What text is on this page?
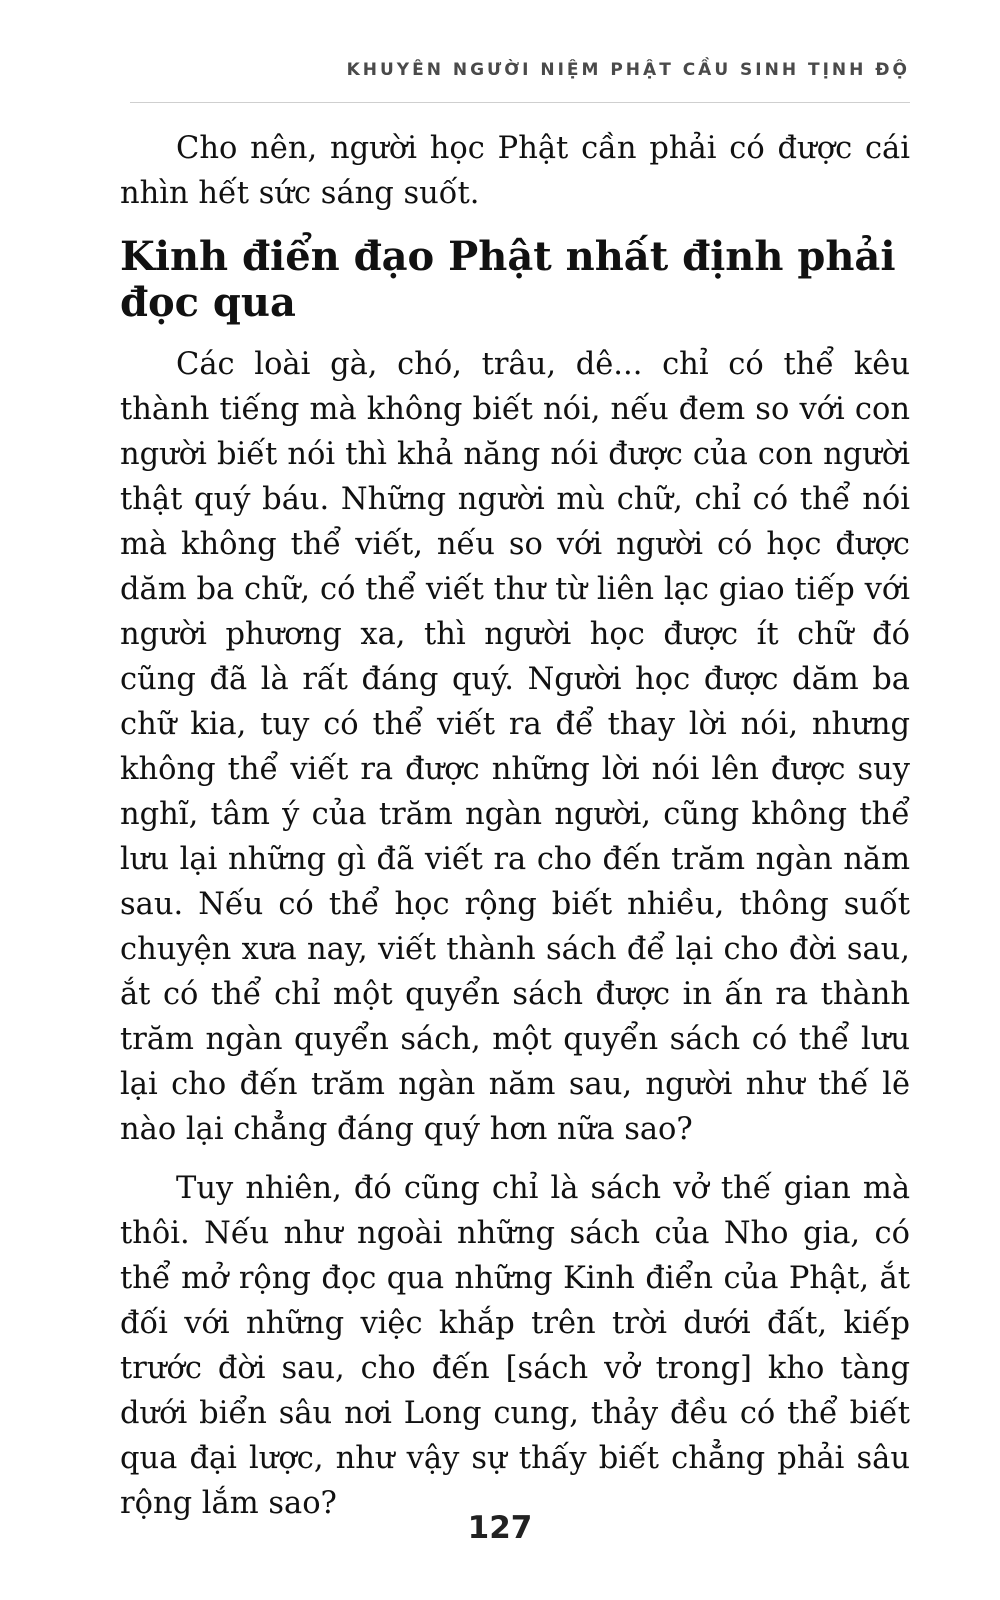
KHUYÊN NGƯỜI NIỆM PHẬT CẦU SINH TỊNH ĐỘ

Cho nên, người học Phật cần phải có được cái nhìn hết sức sáng suốt.

Kinh điển đạo Phật nhất định phải đọc qua

Các loài gà, chó, trâu, dê... chỉ có thể kêu thành tiếng mà không biết nói, nếu đem so với con người biết nói thì khả năng nói được của con người thật quý báu. Những người mù chữ, chỉ có thể nói mà không thể viết, nếu so với người có học được dăm ba chữ, có thể viết thư từ liên lạc giao tiếp với người phương xa, thì người học được ít chữ đó cũng đã là rất đáng quý. Người học được dăm ba chữ kia, tuy có thể viết ra để thay lời nói, nhưng không thể viết ra được những lời nói lên được suy nghĩ, tâm ý của trăm ngàn người, cũng không thể lưu lại những gì đã viết ra cho đến trăm ngàn năm sau. Nếu có thể học rộng biết nhiều, thông suốt chuyện xưa nay, viết thành sách để lại cho đời sau, ắt có thể chỉ một quyển sách được in ấn ra thành trăm ngàn quyển sách, một quyển sách có thể lưu lại cho đến trăm ngàn năm sau, người như thế lẽ nào lại chẳng đáng quý hơn nữa sao?

Tuy nhiên, đó cũng chỉ là sách vở thế gian mà thôi. Nếu như ngoài những sách của Nho gia, có thể mở rộng đọc qua những Kinh điển của Phật, ắt đối với những việc khắp trên trời dưới đất, kiếp trước đời sau, cho đến [sách vở trong] kho tàng dưới biển sâu nơi Long cung, thảy đều có thể biết qua đại lược, như vậy sự thấy biết chẳng phải sâu rộng lắm sao?

127
